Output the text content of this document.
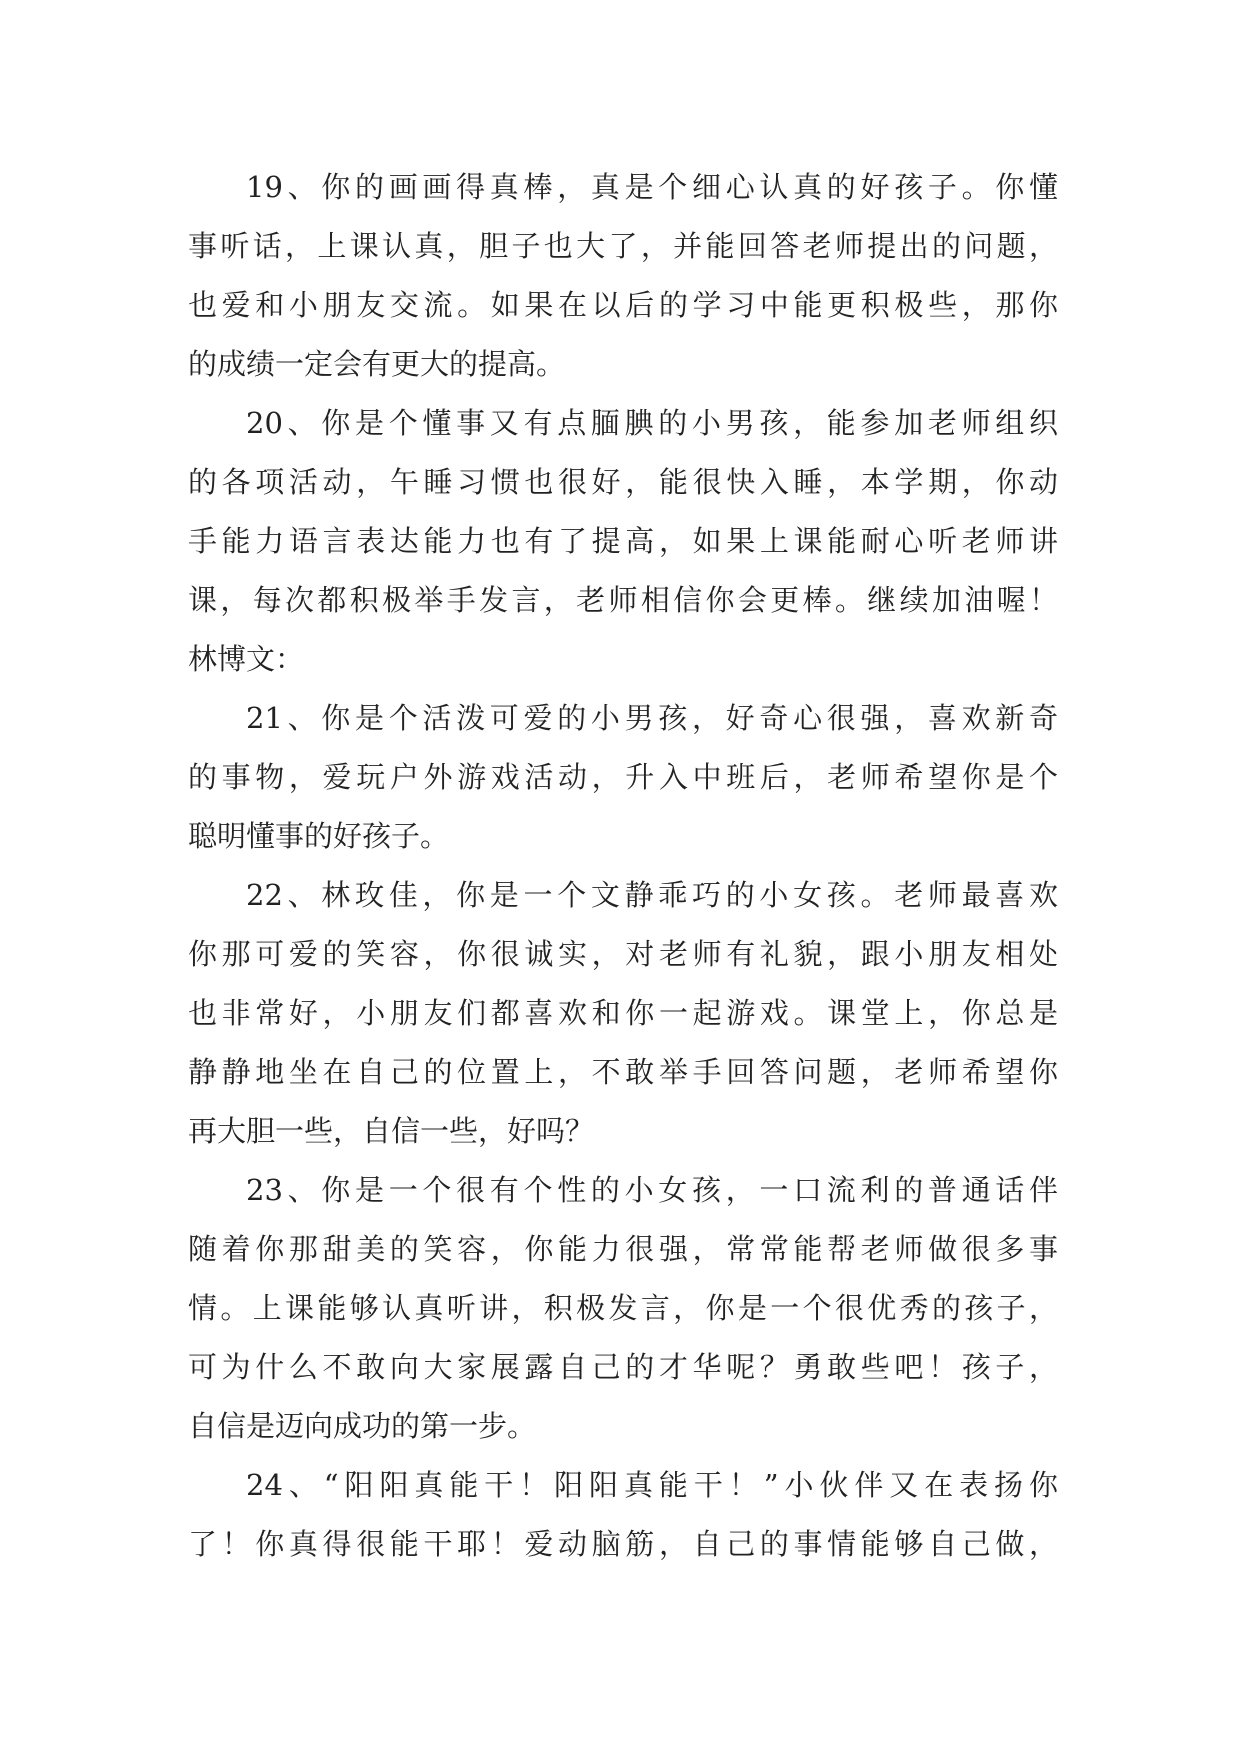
19、你的画画得真棒，真是个细心认真的好孩子。你懂
事听话，上课认真，胆子也大了，并能回答老师提出的问题，
也爱和小朋友交流。如果在以后的学习中能更积极些，那你
的成绩一定会有更大的提高。
20、你是个懂事又有点腼腆的小男孩，能参加老师组织
的各项活动，午睡习惯也很好，能很快入睡，本学期，你动
手能力语言表达能力也有了提高，如果上课能耐心听老师讲
课，每次都积极举手发言，老师相信你会更棒。继续加油喔！
林博文：
21、你是个活泼可爱的小男孩，好奇心很强，喜欢新奇
的事物，爱玩户外游戏活动，升入中班后，老师希望你是个
聪明懂事的好孩子。
22、林玫佳，你是一个文静乖巧的小女孩。老师最喜欢
你那可爱的笑容，你很诚实，对老师有礼貌，跟小朋友相处
也非常好，小朋友们都喜欢和你一起游戏。课堂上，你总是
静静地坐在自己的位置上，不敢举手回答问题，老师希望你
再大胆一些，自信一些，好吗？
23、你是一个很有个性的小女孩，一口流利的普通话伴
随着你那甜美的笑容，你能力很强，常常能帮老师做很多事
情。上课能够认真听讲，积极发言，你是一个很优秀的孩子，
可为什么不敢向大家展露自己的才华呢？勇敢些吧！孩子，
自信是迈向成功的第一步。
24、“阳阳真能干！阳阳真能干！”小伙伴又在表扬你
了！你真得很能干耶！爱动脑筋，自己的事情能够自己做，
